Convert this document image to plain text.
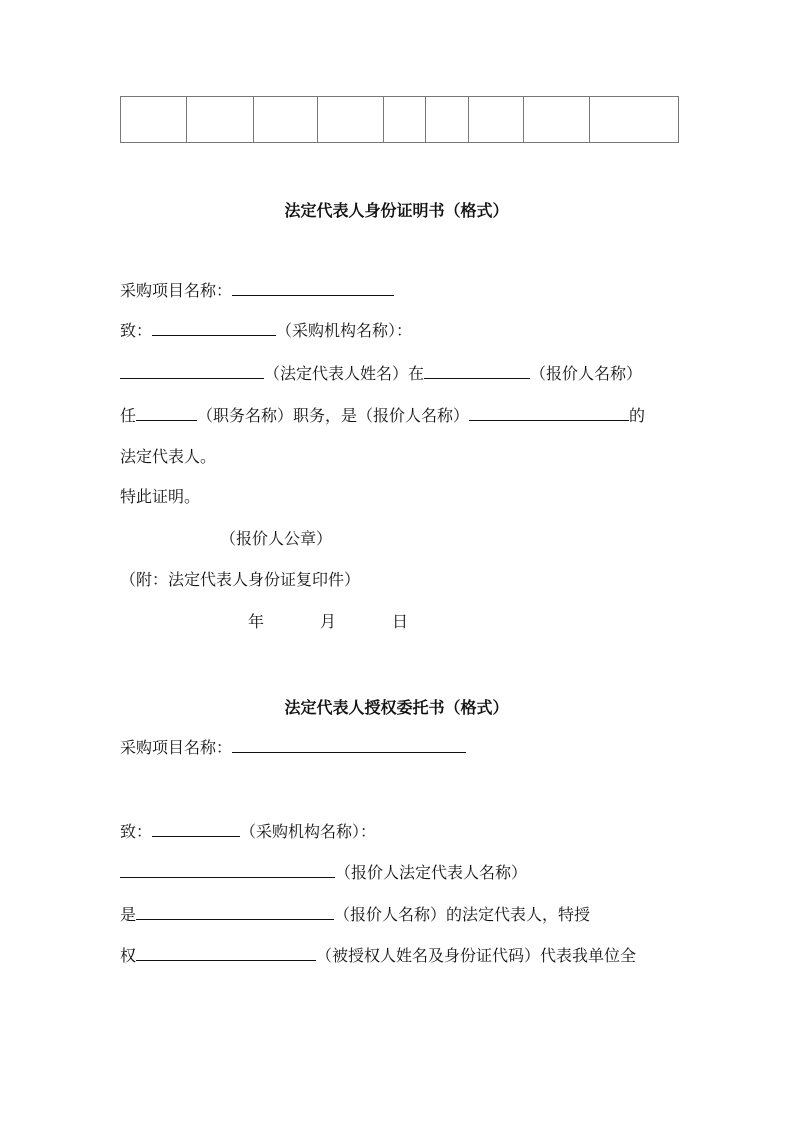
法定代表人身份证明书（格式）
采购项目名称：
致：	（采购机构名称）：
（法定代表人姓名）在	（报价人名称）
任	（职务名称）职务，是（报价人名称）	的
法定代表人。
特此证明。
（报价人公章）
（附：法定代表人身份证复印件）
年	月	日
法定代表人授权委托书（格式）
采购项目名称：
致：	（采购机构名称）：
（报价人法定代表人名称）
是	（报价人名称）的法定代表人，特授
权	（被授权人姓名及身份证代码）代表我单位全
